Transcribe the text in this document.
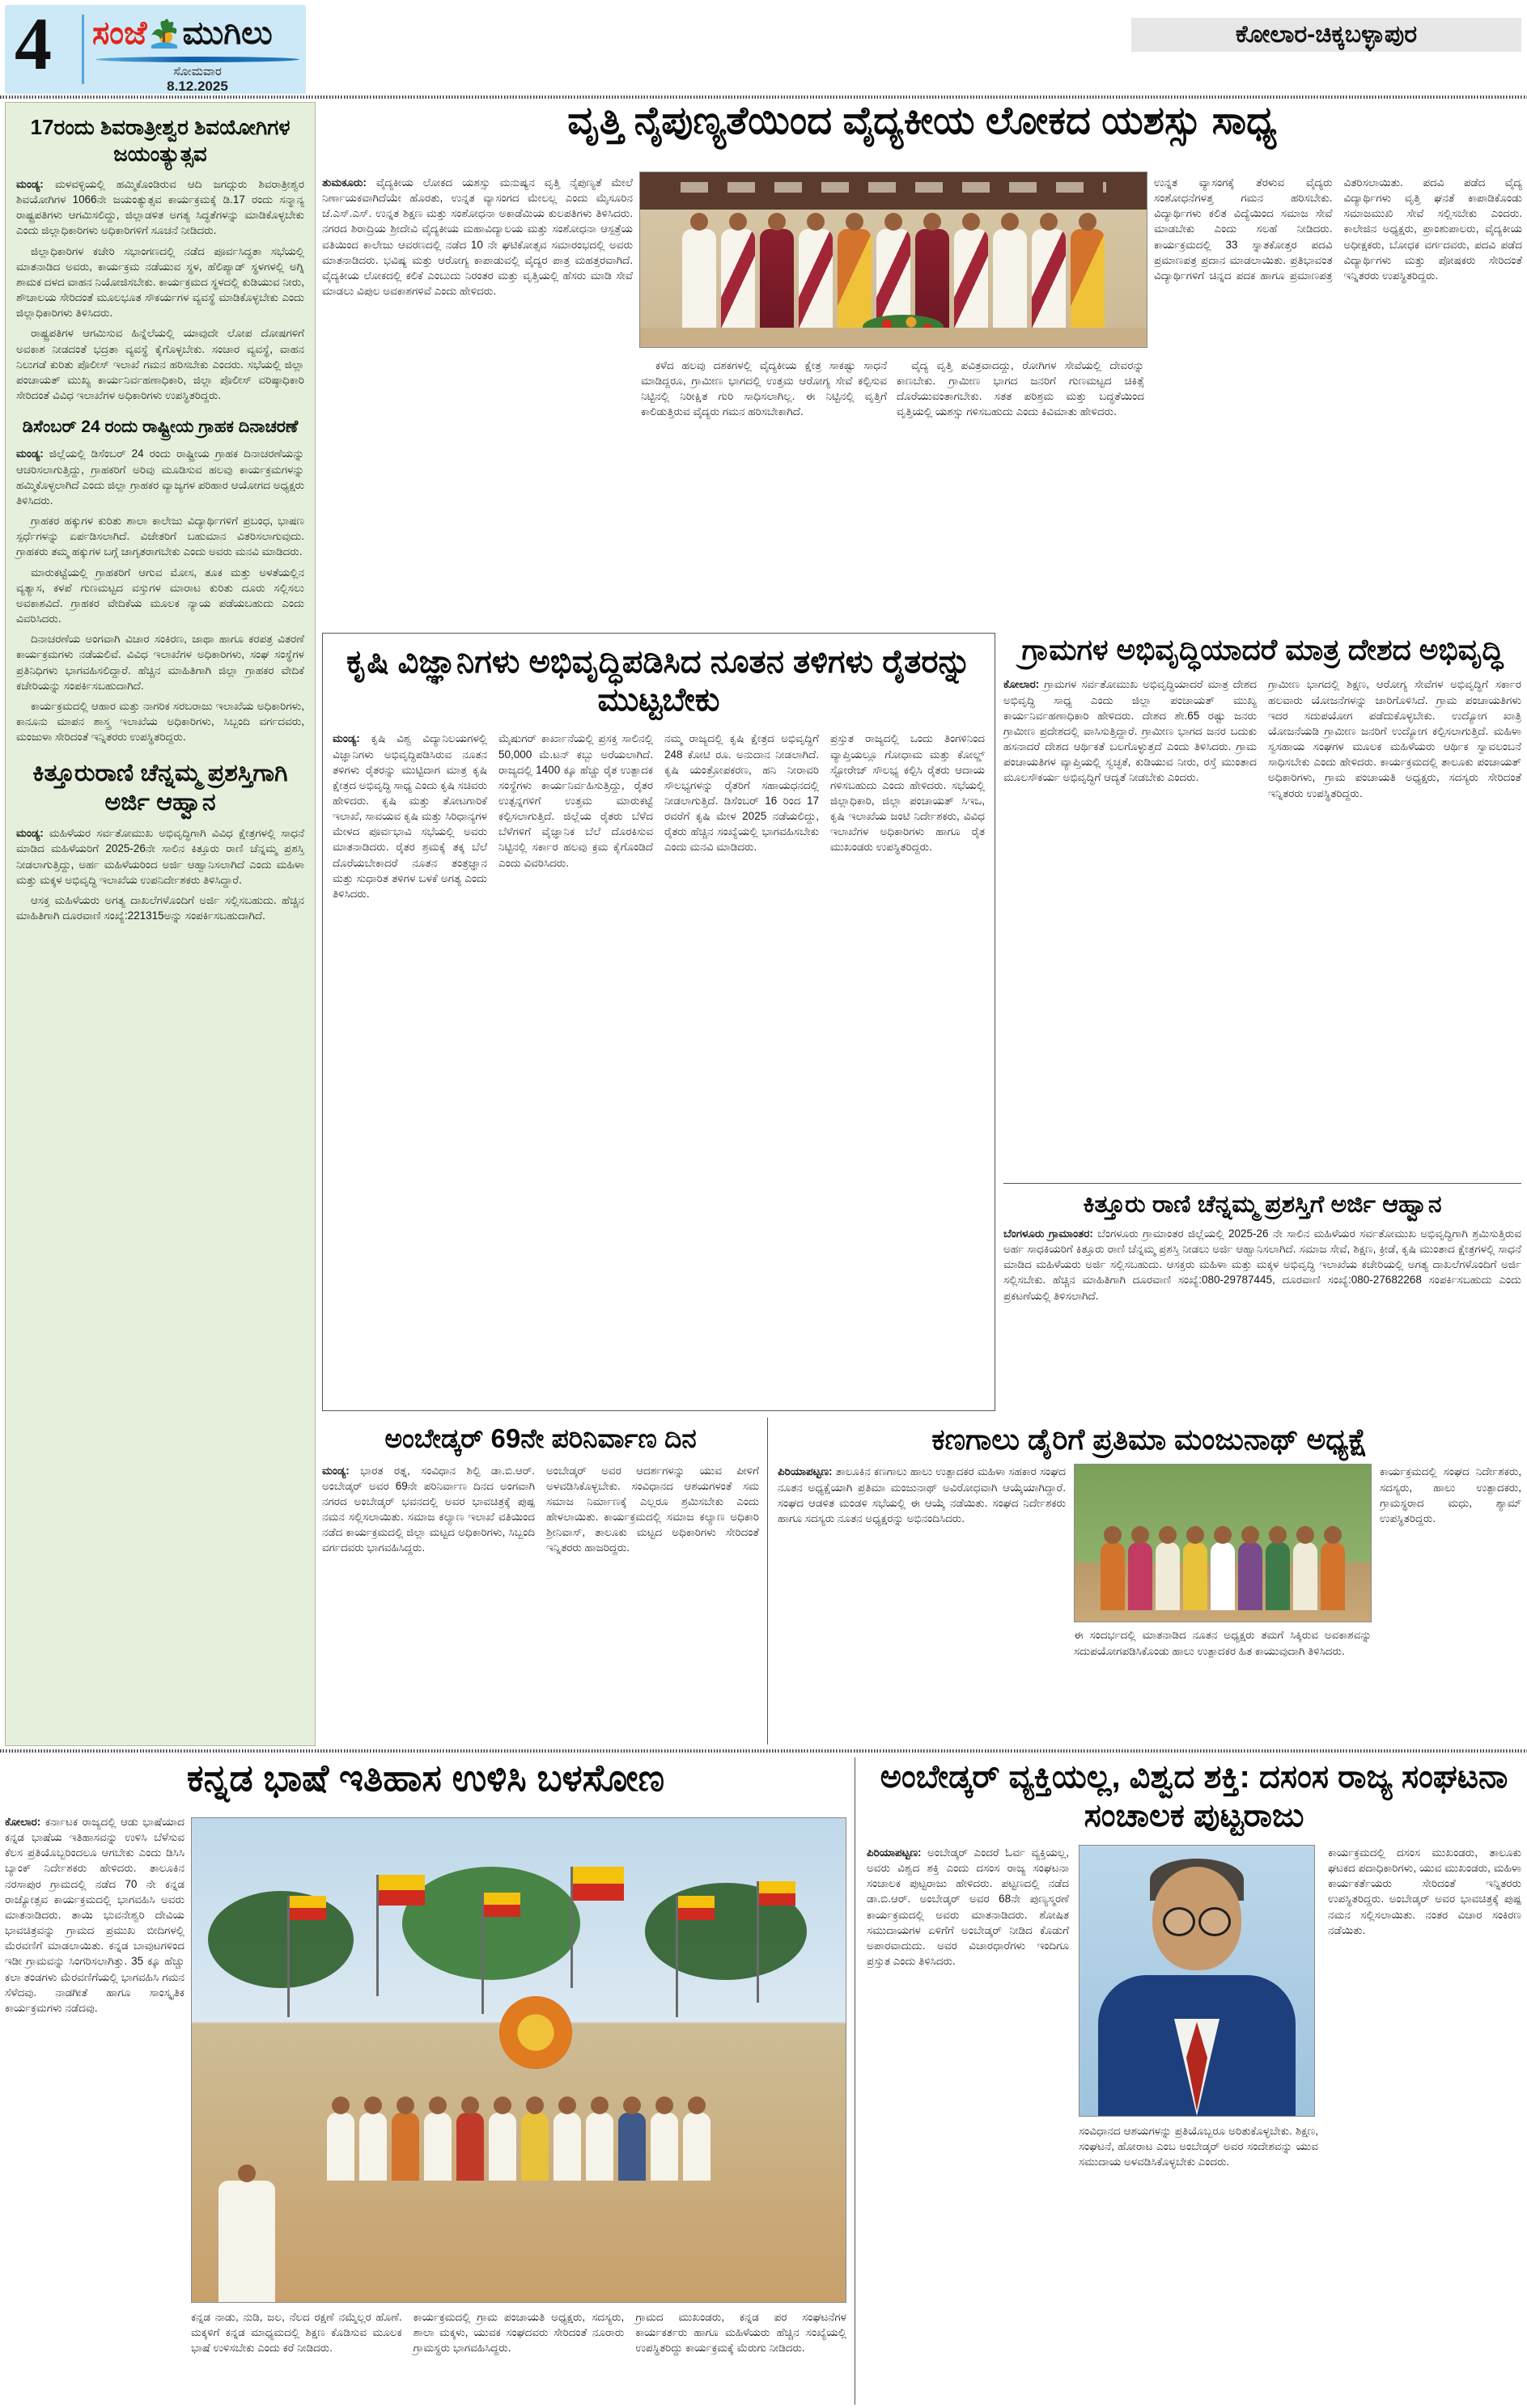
4 ಸಂಜೆ ಮುಗಿಲು
ಸೋಮವಾರ
8.12.2025
ಕೋಲಾರ-ಚಿಕ್ಕಬಳ್ಳಾಪುರ
17ರಂದು ಶಿವರಾತ್ರೀಶ್ವರ ಶಿವಯೋಗಿಗಳ ಜಯಂತ್ಯುತ್ಸವ

ಮಂಡ್ಯ: ಮಳವಳ್ಳಿಯಲ್ಲಿ ಹಮ್ಮಿಕೊಂಡಿರುವ ಆದಿ ಜಗದ್ಗುರು ಶಿವರಾತ್ರೀಶ್ವರ ಶಿವಯೋಗಿಗಳ 1066ನೇ ಜಯಂತ್ಯುತ್ಸವ ಕಾರ್ಯಕ್ರಮಕ್ಕೆ ಡಿ.17 ರಂದು ಸನ್ಮಾನ್ಯ ರಾಷ್ಟ್ರಪತಿಗಳು ಆಗಮಿಸಲಿದ್ದು, ಜಿಲ್ಲಾಡಳಿತ ಅಗತ್ಯ ಸಿದ್ಧತೆಗಳನ್ನು ಮಾಡಿಕೊಳ್ಳಬೇಕು ಎಂದು ಜಿಲ್ಲಾಧಿಕಾರಿಗಳು ಅಧಿಕಾರಿಗಳಿಗೆ ಸೂಚನೆ ನೀಡಿದರು.

ಜಿಲ್ಲಾಧಿಕಾರಿಗಳ ಕಚೇರಿ ಸಭಾಂಗಣದಲ್ಲಿ ನಡೆದ ಪೂರ್ವಸಿದ್ಧತಾ ಸಭೆಯಲ್ಲಿ ಮಾತನಾಡಿದ ಅವರು, ಕಾರ್ಯಕ್ರಮ ನಡೆಯುವ ಸ್ಥಳ, ಹೆಲಿಪ್ಯಾಡ್ ಸ್ಥಳಗಳಲ್ಲಿ ಅಗ್ನಿ ಶಾಮಕ ದಳದ ವಾಹನ ನಿಯೋಜಿಸಬೇಕು. ಕಾರ್ಯಕ್ರಮದ ಸ್ಥಳದಲ್ಲಿ ಕುಡಿಯುವ ನೀರು, ಶೌಚಾಲಯ ಸೇರಿದಂತೆ ಮೂಲಭೂತ ಸೌಕರ್ಯಗಳ ವ್ಯವಸ್ಥೆ ಮಾಡಿಕೊಳ್ಳಬೇಕು ಎಂದು ಜಿಲ್ಲಾಧಿಕಾರಿಗಳು ತಿಳಿಸಿದರು.

ರಾಷ್ಟ್ರಪತಿಗಳ ಆಗಮಿಸುವ ಹಿನ್ನೆಲೆಯಲ್ಲಿ ಯಾವುದೇ ಲೋಪ ದೋಷಗಳಿಗೆ ಅವಕಾಶ ನೀಡದಂತೆ ಭದ್ರತಾ ವ್ಯವಸ್ಥೆ ಕೈಗೊಳ್ಳಬೇಕು. ಸಂಚಾರ ವ್ಯವಸ್ಥೆ, ವಾಹನ ನಿಲುಗಡೆ ಕುರಿತು ಪೊಲೀಸ್ ಇಲಾಖೆ ಗಮನ ಹರಿಸಬೇಕು ಎಂದರು. ಸಭೆಯಲ್ಲಿ ಜಿಲ್ಲಾ ಪಂಚಾಯತ್ ಮುಖ್ಯ ಕಾರ್ಯನಿರ್ವಹಣಾಧಿಕಾರಿ, ಜಿಲ್ಲಾ ಪೊಲೀಸ್ ವರಿಷ್ಠಾಧಿಕಾರಿ ಸೇರಿದಂತೆ ವಿವಿಧ ಇಲಾಖೆಗಳ ಅಧಿಕಾರಿಗಳು ಉಪಸ್ಥಿತರಿದ್ದರು.

ಡಿಸೆಂಬರ್ 24 ರಂದು ರಾಷ್ಟ್ರೀಯ ಗ್ರಾಹಕ ದಿನಾಚರಣೆ

ಮಂಡ್ಯ: ಜಿಲ್ಲೆಯಲ್ಲಿ ಡಿಸೆಂಬರ್ 24 ರಂದು ರಾಷ್ಟ್ರೀಯ ಗ್ರಾಹಕ ದಿನಾಚರಣೆಯನ್ನು ಆಚರಿಸಲಾಗುತ್ತಿದ್ದು, ಗ್ರಾಹಕರಿಗೆ ಅರಿವು ಮೂಡಿಸುವ ಹಲವು ಕಾರ್ಯಕ್ರಮಗಳನ್ನು ಹಮ್ಮಿಕೊಳ್ಳಲಾಗಿದೆ ಎಂದು ಜಿಲ್ಲಾ ಗ್ರಾಹಕರ ವ್ಯಾಜ್ಯಗಳ ಪರಿಹಾರ ಆಯೋಗದ ಅಧ್ಯಕ್ಷರು ತಿಳಿಸಿದರು.

ಗ್ರಾಹಕರ ಹಕ್ಕುಗಳ ಕುರಿತು ಶಾಲಾ ಕಾಲೇಜು ವಿದ್ಯಾರ್ಥಿಗಳಿಗೆ ಪ್ರಬಂಧ, ಭಾಷಣ ಸ್ಪರ್ಧೆಗಳನ್ನು ಏರ್ಪಡಿಸಲಾಗಿದೆ. ವಿಜೇತರಿಗೆ ಬಹುಮಾನ ವಿತರಿಸಲಾಗುವುದು. ಗ್ರಾಹಕರು ತಮ್ಮ ಹಕ್ಕುಗಳ ಬಗ್ಗೆ ಜಾಗೃತರಾಗಬೇಕು ಎಂದು ಅವರು ಮನವಿ ಮಾಡಿದರು.

ಮಾರುಕಟ್ಟೆಯಲ್ಲಿ ಗ್ರಾಹಕರಿಗೆ ಆಗುವ ಮೋಸ, ತೂಕ ಮತ್ತು ಅಳತೆಯಲ್ಲಿನ ವ್ಯತ್ಯಾಸ, ಕಳಪೆ ಗುಣಮಟ್ಟದ ವಸ್ತುಗಳ ಮಾರಾಟ ಕುರಿತು ದೂರು ಸಲ್ಲಿಸಲು ಅವಕಾಶವಿದೆ. ಗ್ರಾಹಕರ ವೇದಿಕೆಯ ಮೂಲಕ ನ್ಯಾಯ ಪಡೆಯಬಹುದು ಎಂದು ವಿವರಿಸಿದರು.

ದಿನಾಚರಣೆಯ ಅಂಗವಾಗಿ ವಿಚಾರ ಸಂಕಿರಣ, ಜಾಥಾ ಹಾಗೂ ಕರಪತ್ರ ವಿತರಣೆ ಕಾರ್ಯಕ್ರಮಗಳು ನಡೆಯಲಿವೆ. ವಿವಿಧ ಇಲಾಖೆಗಳ ಅಧಿಕಾರಿಗಳು, ಸಂಘ ಸಂಸ್ಥೆಗಳ ಪ್ರತಿನಿಧಿಗಳು ಭಾಗವಹಿಸಲಿದ್ದಾರೆ. ಹೆಚ್ಚಿನ ಮಾಹಿತಿಗಾಗಿ ಜಿಲ್ಲಾ ಗ್ರಾಹಕರ ವೇದಿಕೆ ಕಚೇರಿಯನ್ನು ಸಂಪರ್ಕಿಸಬಹುದಾಗಿದೆ.

ಕಾರ್ಯಕ್ರಮದಲ್ಲಿ ಆಹಾರ ಮತ್ತು ನಾಗರಿಕ ಸರಬರಾಜು ಇಲಾಖೆಯ ಅಧಿಕಾರಿಗಳು, ಕಾನೂನು ಮಾಪನ ಶಾಸ್ತ್ರ ಇಲಾಖೆಯ ಅಧಿಕಾರಿಗಳು, ಸಿಬ್ಬಂದಿ ವರ್ಗದವರು, ಮಂಜುಳಾ ಸೇರಿದಂತೆ ಇನ್ನಿತರರು ಉಪಸ್ಥಿತರಿದ್ದರು.

ಕಿತ್ತೂರುರಾಣಿ ಚೆನ್ನಮ್ಮ ಪ್ರಶಸ್ತಿಗಾಗಿ ಅರ್ಜಿ ಆಹ್ವಾನ

ಮಂಡ್ಯ: ಮಹಿಳೆಯರ ಸರ್ವತೋಮುಖ ಅಭಿವೃದ್ಧಿಗಾಗಿ ವಿವಿಧ ಕ್ಷೇತ್ರಗಳಲ್ಲಿ ಸಾಧನೆ ಮಾಡಿದ ಮಹಿಳೆಯರಿಗೆ 2025-26ನೇ ಸಾಲಿನ ಕಿತ್ತೂರು ರಾಣಿ ಚೆನ್ನಮ್ಮ ಪ್ರಶಸ್ತಿ ನೀಡಲಾಗುತ್ತಿದ್ದು, ಅರ್ಹ ಮಹಿಳೆಯರಿಂದ ಅರ್ಜಿ ಆಹ್ವಾನಿಸಲಾಗಿದೆ ಎಂದು ಮಹಿಳಾ ಮತ್ತು ಮಕ್ಕಳ ಅಭಿವೃದ್ಧಿ ಇಲಾಖೆಯ ಉಪನಿರ್ದೇಶಕರು ತಿಳಿಸಿದ್ದಾರೆ.

ಆಸಕ್ತ ಮಹಿಳೆಯರು ಅಗತ್ಯ ದಾಖಲೆಗಳೊಂದಿಗೆ ಅರ್ಜಿ ಸಲ್ಲಿಸಬಹುದು. ಹೆಚ್ಚಿನ ಮಾಹಿತಿಗಾಗಿ ದೂರವಾಣಿ ಸಂಖ್ಯೆ:221315ಅನ್ನು ಸಂಪರ್ಕಿಸಬಹುದಾಗಿದೆ.

ವೃತ್ತಿ ನೈಪುಣ್ಯತೆಯಿಂದ ವೈದ್ಯಕೀಯ ಲೋಕದ ಯಶಸ್ಸು ಸಾಧ್ಯ

ತುಮಕೂರು: ವೈದ್ಯಕೀಯ ಲೋಕದ ಯಶಸ್ಸು ಮನುಷ್ಯನ ವೃತ್ತಿ ನೈಪುಣ್ಯತೆ ಮೇಲೆ ನಿರ್ಣಾಯಕವಾಗಿದೆಯೇ ಹೊರತು, ಉನ್ನತ ವ್ಯಾಸಂಗದ ಮೇಲಲ್ಲ ಎಂದು ಮೈಸೂರಿನ ಜೆ.ಎಸ್.ಎಸ್. ಉನ್ನತ ಶಿಕ್ಷಣ ಮತ್ತು ಸಂಶೋಧನಾ ಅಕಾಡೆಮಿಯ ಕುಲಪತಿಗಳು ತಿಳಿಸಿದರು. ನಗರದ ಶಿರಾದ್ರಿಯ ಶ್ರೀದೇವಿ ವೈದ್ಯಕೀಯ ಮಹಾವಿದ್ಯಾಲಯ ಮತ್ತು ಸಂಶೋಧನಾ ಆಸ್ಪತ್ರೆಯ ವತಿಯಿಂದ ಕಾಲೇಜು ಆವರಣದಲ್ಲಿ ನಡೆದ 10 ನೇ ಘಟಿಕೋತ್ಸವ ಸಮಾರಂಭದಲ್ಲಿ ಅವರು ಮಾತನಾಡಿದರು. ಭವಿಷ್ಯ ಮತ್ತು ಆರೋಗ್ಯ ಕಾಪಾಡುವಲ್ಲಿ ವೈದ್ಯರ ಪಾತ್ರ ಮಹತ್ತರವಾಗಿದೆ. ವೈದ್ಯಕೀಯ ಲೋಕದಲ್ಲಿ ಕಲಿಕೆ ಎಂಬುದು ನಿರಂತರ ಮತ್ತು ವೃತ್ತಿಯಲ್ಲಿ ಹೆಸರು ಮಾಡಿ ಸೇವೆ ಮಾಡಲು ವಿಪುಲ ಅವಕಾಶಗಳಿವೆ ಎಂದು ಹೇಳಿದರು.

ಕಳೆದ ಹಲವು ದಶಕಗಳಲ್ಲಿ ವೈದ್ಯಕೀಯ ಕ್ಷೇತ್ರ ಸಾಕಷ್ಟು ಸಾಧನೆ ಮಾಡಿದ್ದರೂ, ಗ್ರಾಮೀಣ ಭಾಗದಲ್ಲಿ ಉತ್ತಮ ಆರೋಗ್ಯ ಸೇವೆ ಕಲ್ಪಿಸುವ ನಿಟ್ಟಿನಲ್ಲಿ ನಿರೀಕ್ಷಿತ ಗುರಿ ಸಾಧಿಸಲಾಗಿಲ್ಲ. ಈ ನಿಟ್ಟಿನಲ್ಲಿ ವೃತ್ತಿಗೆ ಕಾಲಿಡುತ್ತಿರುವ ವೈದ್ಯರು ಗಮನ ಹರಿಸಬೇಕಾಗಿದೆ.

ವೈದ್ಯ ವೃತ್ತಿ ಪವಿತ್ರವಾದದ್ದು, ರೋಗಿಗಳ ಸೇವೆಯಲ್ಲಿ ದೇವರನ್ನು ಕಾಣಬೇಕು. ಗ್ರಾಮೀಣ ಭಾಗದ ಜನರಿಗೆ ಗುಣಮಟ್ಟದ ಚಿಕಿತ್ಸೆ ದೊರೆಯುವಂತಾಗಬೇಕು. ಸತತ ಪರಿಶ್ರಮ ಮತ್ತು ಬದ್ಧತೆಯಿಂದ ವೃತ್ತಿಯಲ್ಲಿ ಯಶಸ್ಸು ಗಳಿಸಬಹುದು ಎಂದು ಕಿವಿಮಾತು ಹೇಳಿದರು.

ಉನ್ನತ ವ್ಯಾಸಂಗಕ್ಕೆ ತೆರಳುವ ವೈದ್ಯರು ಸಂಶೋಧನೆಗಳತ್ತ ಗಮನ ಹರಿಸಬೇಕು. ವಿದ್ಯಾರ್ಥಿಗಳು ಕಲಿತ ವಿದ್ಯೆಯಿಂದ ಸಮಾಜ ಸೇವೆ ಮಾಡಬೇಕು ಎಂದು ಸಲಹೆ ನೀಡಿದರು. ಕಾರ್ಯಕ್ರಮದಲ್ಲಿ 33 ಸ್ನಾತಕೋತ್ತರ ಪದವಿ ಪ್ರಮಾಣಪತ್ರ ಪ್ರದಾನ ಮಾಡಲಾಯಿತು. ಪ್ರತಿಭಾವಂತ ವಿದ್ಯಾರ್ಥಿಗಳಿಗೆ ಚಿನ್ನದ ಪದಕ ಹಾಗೂ ಪ್ರಮಾಣಪತ್ರ ವಿತರಿಸಲಾಯಿತು. ಪದವಿ ಪಡೆದ ವೈದ್ಯ ವಿದ್ಯಾರ್ಥಿಗಳು ವೃತ್ತಿ ಘನತೆ ಕಾಪಾಡಿಕೊಂಡು ಸಮಾಜಮುಖಿ ಸೇವೆ ಸಲ್ಲಿಸಬೇಕು ಎಂದರು. ಕಾಲೇಜಿನ ಅಧ್ಯಕ್ಷರು, ಪ್ರಾಂಶುಪಾಲರು, ವೈದ್ಯಕೀಯ ಅಧೀಕ್ಷಕರು, ಬೋಧಕ ವರ್ಗದವರು, ಪದವಿ ಪಡೆದ ವಿದ್ಯಾರ್ಥಿಗಳು ಮತ್ತು ಪೋಷಕರು ಸೇರಿದಂತೆ ಇನ್ನಿತರರು ಉಪಸ್ಥಿತರಿದ್ದರು.

ಕೃಷಿ ವಿಜ್ಞಾನಿಗಳು ಅಭಿವೃದ್ಧಿಪಡಿಸಿದ ನೂತನ ತಳಿಗಳು ರೈತರನ್ನು ಮುಟ್ಟಬೇಕು

ಮಂಡ್ಯ: ಕೃಷಿ ವಿಶ್ವ ವಿದ್ಯಾನಿಲಯಗಳಲ್ಲಿ ವಿಜ್ಞಾನಿಗಳು ಅಭಿವೃದ್ಧಿಪಡಿಸಿರುವ ನೂತನ ತಳಿಗಳು ರೈತರನ್ನು ಮುಟ್ಟಿದಾಗ ಮಾತ್ರ ಕೃಷಿ ಕ್ಷೇತ್ರದ ಅಭಿವೃದ್ಧಿ ಸಾಧ್ಯ ಎಂದು ಕೃಷಿ ಸಚಿವರು ಹೇಳಿದರು. ಕೃಷಿ ಮತ್ತು ತೋಟಗಾರಿಕೆ ಇಲಾಖೆ, ಸಾವಯವ ಕೃಷಿ ಮತ್ತು ಸಿರಿಧಾನ್ಯಗಳ ಮೇಳದ ಪೂರ್ವಭಾವಿ ಸಭೆಯಲ್ಲಿ ಅವರು ಮಾತನಾಡಿದರು. ರೈತರ ಶ್ರಮಕ್ಕೆ ತಕ್ಕ ಬೆಲೆ ದೊರೆಯಬೇಕಾದರೆ ನೂತನ ತಂತ್ರಜ್ಞಾನ ಮತ್ತು ಸುಧಾರಿತ ತಳಿಗಳ ಬಳಕೆ ಅಗತ್ಯ ಎಂದು ತಿಳಿಸಿದರು.

ಮೈಷುಗರ್ ಕಾರ್ಖಾನೆಯಲ್ಲಿ ಪ್ರಸಕ್ತ ಸಾಲಿನಲ್ಲಿ 50,000 ಮೆ.ಟನ್ ಕಬ್ಬು ಅರೆಯಲಾಗಿದೆ. ರಾಜ್ಯದಲ್ಲಿ 1400 ಕ್ಕೂ ಹೆಚ್ಚು ರೈತ ಉತ್ಪಾದಕ ಸಂಸ್ಥೆಗಳು ಕಾರ್ಯನಿರ್ವಹಿಸುತ್ತಿದ್ದು, ರೈತರ ಉತ್ಪನ್ನಗಳಿಗೆ ಉತ್ತಮ ಮಾರುಕಟ್ಟೆ ಕಲ್ಪಿಸಲಾಗುತ್ತಿದೆ. ಜಿಲ್ಲೆಯ ರೈತರು ಬೆಳೆದ ಬೆಳೆಗಳಿಗೆ ವೈಜ್ಞಾನಿಕ ಬೆಲೆ ದೊರಕಿಸುವ ನಿಟ್ಟಿನಲ್ಲಿ ಸರ್ಕಾರ ಹಲವು ಕ್ರಮ ಕೈಗೊಂಡಿದೆ ಎಂದು ವಿವರಿಸಿದರು.

ನಮ್ಮ ರಾಜ್ಯದಲ್ಲಿ ಕೃಷಿ ಕ್ಷೇತ್ರದ ಅಭಿವೃದ್ಧಿಗೆ 248 ಕೋಟಿ ರೂ. ಅನುದಾನ ನೀಡಲಾಗಿದೆ. ಕೃಷಿ ಯಂತ್ರೋಪಕರಣ, ಹನಿ ನೀರಾವರಿ ಸೌಲಭ್ಯಗಳನ್ನು ರೈತರಿಗೆ ಸಹಾಯಧನದಲ್ಲಿ ನೀಡಲಾಗುತ್ತಿದೆ. ಡಿಸೆಂಬರ್ 16 ರಿಂದ 17 ರವರೆಗೆ ಕೃಷಿ ಮೇಳ 2025 ನಡೆಯಲಿದ್ದು, ರೈತರು ಹೆಚ್ಚಿನ ಸಂಖ್ಯೆಯಲ್ಲಿ ಭಾಗವಹಿಸಬೇಕು ಎಂದು ಮನವಿ ಮಾಡಿದರು.

ಪ್ರಸ್ತುತ ರಾಜ್ಯದಲ್ಲಿ ಒಂದು ತಿಂಗಳಿನಿಂದ ವ್ಯಾಪ್ತಿಯಲ್ಲೂ ಗೋಧಾಮ ಮತ್ತು ಕೋಲ್ಡ್ ಸ್ಟೋರೇಜ್ ಸೌಲಭ್ಯ ಕಲ್ಪಿಸಿ ರೈತರು ಆದಾಯ ಗಳಿಸಬಹುದು ಎಂದು ಹೇಳಿದರು. ಸಭೆಯಲ್ಲಿ ಜಿಲ್ಲಾಧಿಕಾರಿ, ಜಿಲ್ಲಾ ಪಂಚಾಯತ್ ಸಿಇಒ, ಕೃಷಿ ಇಲಾಖೆಯ ಜಂಟಿ ನಿರ್ದೇಶಕರು, ವಿವಿಧ ಇಲಾಖೆಗಳ ಅಧಿಕಾರಿಗಳು ಹಾಗೂ ರೈತ ಮುಖಂಡರು ಉಪಸ್ಥಿತರಿದ್ದರು.

ಗ್ರಾಮಗಳ ಅಭಿವೃದ್ಧಿಯಾದರೆ ಮಾತ್ರ ದೇಶದ ಅಭಿವೃದ್ಧಿ

ಕೋಲಾರ: ಗ್ರಾಮಗಳ ಸರ್ವತೋಮುಖ ಅಭಿವೃದ್ಧಿಯಾದರೆ ಮಾತ್ರ ದೇಶದ ಅಭಿವೃದ್ಧಿ ಸಾಧ್ಯ ಎಂದು ಜಿಲ್ಲಾ ಪಂಚಾಯತ್ ಮುಖ್ಯ ಕಾರ್ಯನಿರ್ವಹಣಾಧಿಕಾರಿ ಹೇಳಿದರು. ದೇಶದ ಶೇ.65 ರಷ್ಟು ಜನರು ಗ್ರಾಮೀಣ ಪ್ರದೇಶದಲ್ಲಿ ವಾಸಿಸುತ್ತಿದ್ದಾರೆ. ಗ್ರಾಮೀಣ ಭಾಗದ ಜನರ ಬದುಕು ಹಸನಾದರೆ ದೇಶದ ಆರ್ಥಿಕತೆ ಬಲಗೊಳ್ಳುತ್ತದೆ ಎಂದು ತಿಳಿಸಿದರು. ಗ್ರಾಮ ಪಂಚಾಯತಿಗಳ ವ್ಯಾಪ್ತಿಯಲ್ಲಿ ಸ್ವಚ್ಛತೆ, ಕುಡಿಯುವ ನೀರು, ರಸ್ತೆ ಮುಂತಾದ ಮೂಲಸೌಕರ್ಯ ಅಭಿವೃದ್ಧಿಗೆ ಆದ್ಯತೆ ನೀಡಬೇಕು ಎಂದರು.

ಗ್ರಾಮೀಣ ಭಾಗದಲ್ಲಿ ಶಿಕ್ಷಣ, ಆರೋಗ್ಯ ಸೇವೆಗಳ ಅಭಿವೃದ್ಧಿಗೆ ಸರ್ಕಾರ ಹಲವಾರು ಯೋಜನೆಗಳನ್ನು ಜಾರಿಗೊಳಿಸಿದೆ. ಗ್ರಾಮ ಪಂಚಾಯತಿಗಳು ಇದರ ಸದುಪಯೋಗ ಪಡೆದುಕೊಳ್ಳಬೇಕು. ಉದ್ಯೋಗ ಖಾತ್ರಿ ಯೋಜನೆಯಡಿ ಗ್ರಾಮೀಣ ಜನರಿಗೆ ಉದ್ಯೋಗ ಕಲ್ಪಿಸಲಾಗುತ್ತಿದೆ. ಮಹಿಳಾ ಸ್ವಸಹಾಯ ಸಂಘಗಳ ಮೂಲಕ ಮಹಿಳೆಯರು ಆರ್ಥಿಕ ಸ್ವಾವಲಂಬನೆ ಸಾಧಿಸಬೇಕು ಎಂದು ಹೇಳಿದರು. ಕಾರ್ಯಕ್ರಮದಲ್ಲಿ ತಾಲೂಕು ಪಂಚಾಯತ್ ಅಧಿಕಾರಿಗಳು, ಗ್ರಾಮ ಪಂಚಾಯತಿ ಅಧ್ಯಕ್ಷರು, ಸದಸ್ಯರು ಸೇರಿದಂತೆ ಇನ್ನಿತರರು ಉಪಸ್ಥಿತರಿದ್ದರು.

ಕಿತ್ತೂರು ರಾಣಿ ಚೆನ್ನಮ್ಮ ಪ್ರಶಸ್ತಿಗೆ ಅರ್ಜಿ ಆಹ್ವಾನ

ಬೆಂಗಳೂರು ಗ್ರಾಮಾಂತರ: ಬೆಂಗಳೂರು ಗ್ರಾಮಾಂತರ ಜಿಲ್ಲೆಯಲ್ಲಿ 2025-26 ನೇ ಸಾಲಿನ ಮಹಿಳೆಯರ ಸರ್ವತೋಮುಖ ಅಭಿವೃದ್ಧಿಗಾಗಿ ಶ್ರಮಿಸುತ್ತಿರುವ ಅರ್ಹ ಸಾಧಕಿಯರಿಗೆ ಕಿತ್ತೂರು ರಾಣಿ ಚೆನ್ನಮ್ಮ ಪ್ರಶಸ್ತಿ ನೀಡಲು ಅರ್ಜಿ ಆಹ್ವಾನಿಸಲಾಗಿದೆ. ಸಮಾಜ ಸೇವೆ, ಶಿಕ್ಷಣ, ಕ್ರೀಡೆ, ಕೃಷಿ ಮುಂತಾದ ಕ್ಷೇತ್ರಗಳಲ್ಲಿ ಸಾಧನೆ ಮಾಡಿದ ಮಹಿಳೆಯರು ಅರ್ಜಿ ಸಲ್ಲಿಸಬಹುದು. ಆಸಕ್ತರು ಮಹಿಳಾ ಮತ್ತು ಮಕ್ಕಳ ಅಭಿವೃದ್ಧಿ ಇಲಾಖೆಯ ಕಚೇರಿಯಲ್ಲಿ ಅಗತ್ಯ ದಾಖಲೆಗಳೊಂದಿಗೆ ಅರ್ಜಿ ಸಲ್ಲಿಸಬೇಕು. ಹೆಚ್ಚಿನ ಮಾಹಿತಿಗಾಗಿ ದೂರವಾಣಿ ಸಂಖ್ಯೆ:080-29787445, ದೂರವಾಣಿ ಸಂಖ್ಯೆ:080-27682268 ಸಂಪರ್ಕಿಸಬಹುದು ಎಂದು ಪ್ರಕಟಣೆಯಲ್ಲಿ ತಿಳಿಸಲಾಗಿದೆ.

ಅಂಬೇಡ್ಕರ್ 69ನೇ ಪರಿನಿರ್ವಾಣ ದಿನ

ಮಂಡ್ಯ: ಭಾರತ ರತ್ನ, ಸಂವಿಧಾನ ಶಿಲ್ಪಿ ಡಾ.ಬಿ.ಆರ್. ಅಂಬೇಡ್ಕರ್ ಅವರ 69ನೇ ಪರಿನಿರ್ವಾಣ ದಿನದ ಅಂಗವಾಗಿ ನಗರದ ಅಂಬೇಡ್ಕರ್ ಭವನದಲ್ಲಿ ಅವರ ಭಾವಚಿತ್ರಕ್ಕೆ ಪುಷ್ಪ ನಮನ ಸಲ್ಲಿಸಲಾಯಿತು. ಸಮಾಜ ಕಲ್ಯಾಣ ಇಲಾಖೆ ವತಿಯಿಂದ ನಡೆದ ಕಾರ್ಯಕ್ರಮದಲ್ಲಿ ಜಿಲ್ಲಾ ಮಟ್ಟದ ಅಧಿಕಾರಿಗಳು, ಸಿಬ್ಬಂದಿ ವರ್ಗದವರು ಭಾಗವಹಿಸಿದ್ದರು.

ಅಂಬೇಡ್ಕರ್ ಅವರ ಆದರ್ಶಗಳನ್ನು ಯುವ ಪೀಳಿಗೆ ಅಳವಡಿಸಿಕೊಳ್ಳಬೇಕು. ಸಂವಿಧಾನದ ಆಶಯಗಳಂತೆ ಸಮ ಸಮಾಜ ನಿರ್ಮಾಣಕ್ಕೆ ಎಲ್ಲರೂ ಶ್ರಮಿಸಬೇಕು ಎಂದು ಹೇಳಲಾಯಿತು. ಕಾರ್ಯಕ್ರಮದಲ್ಲಿ ಸಮಾಜ ಕಲ್ಯಾಣ ಅಧಿಕಾರಿ ಶ್ರೀನಿವಾಸ್, ತಾಲೂಕು ಮಟ್ಟದ ಅಧಿಕಾರಿಗಳು ಸೇರಿದಂತೆ ಇನ್ನಿತರರು ಹಾಜರಿದ್ದರು.

ಕಣಗಾಲು ಡೈರಿಗೆ ಪ್ರತಿಮಾ ಮಂಜುನಾಥ್ ಅಧ್ಯಕ್ಷೆ

ಪಿರಿಯಾಪಟ್ಟಣ: ತಾಲೂಕಿನ ಕಣಗಾಲು ಹಾಲು ಉತ್ಪಾದಕರ ಮಹಿಳಾ ಸಹಕಾರ ಸಂಘದ ನೂತನ ಅಧ್ಯಕ್ಷೆಯಾಗಿ ಪ್ರತಿಮಾ ಮಂಜುನಾಥ್ ಅವಿರೋಧವಾಗಿ ಆಯ್ಕೆಯಾಗಿದ್ದಾರೆ. ಸಂಘದ ಆಡಳಿತ ಮಂಡಳಿ ಸಭೆಯಲ್ಲಿ ಈ ಆಯ್ಕೆ ನಡೆಯಿತು. ಸಂಘದ ನಿರ್ದೇಶಕರು ಹಾಗೂ ಸದಸ್ಯರು ನೂತನ ಅಧ್ಯಕ್ಷರನ್ನು ಅಭಿನಂದಿಸಿದರು.

ಈ ಸಂದರ್ಭದಲ್ಲಿ ಮಾತನಾಡಿದ ನೂತನ ಅಧ್ಯಕ್ಷರು ತಮಗೆ ಸಿಕ್ಕಿರುವ ಅವಕಾಶವನ್ನು ಸದುಪಯೋಗಪಡಿಸಿಕೊಂಡು ಹಾಲು ಉತ್ಪಾದಕರ ಹಿತ ಕಾಯುವುದಾಗಿ ತಿಳಿಸಿದರು.

ಕಾರ್ಯಕ್ರಮದಲ್ಲಿ ಸಂಘದ ನಿರ್ದೇಶಕರು, ಸದಸ್ಯರು, ಹಾಲು ಉತ್ಪಾದಕರು, ಗ್ರಾಮಸ್ಥರಾದ ಮಧು, ಶ್ಯಾಮ್ ಉಪಸ್ಥಿತರಿದ್ದರು.

ಕನ್ನಡ ಭಾಷೆ ಇತಿಹಾಸ ಉಳಿಸಿ ಬಳಸೋಣ

ಕೋಲಾರ: ಕರ್ನಾಟಕ ರಾಜ್ಯದಲ್ಲಿ ಆಡು ಭಾಷೆಯಾದ ಕನ್ನಡ ಭಾಷೆಯ ಇತಿಹಾಸವನ್ನು ಉಳಿಸಿ ಬೆಳೆಸುವ ಕೆಲಸ ಪ್ರತಿಯೊಬ್ಬರಿಂದಲೂ ಆಗಬೇಕು ಎಂದು ಡಿಸಿಸಿ ಬ್ಯಾಂಕ್ ನಿರ್ದೇಶಕರು ಹೇಳಿದರು. ತಾಲೂಕಿನ ನರಸಾಪುರ ಗ್ರಾಮದಲ್ಲಿ ನಡೆದ 70 ನೇ ಕನ್ನಡ ರಾಜ್ಯೋತ್ಸವ ಕಾರ್ಯಕ್ರಮದಲ್ಲಿ ಭಾಗವಹಿಸಿ ಅವರು ಮಾತನಾಡಿದರು. ತಾಯಿ ಭುವನೇಶ್ವರಿ ದೇವಿಯ ಭಾವಚಿತ್ರವನ್ನು ಗ್ರಾಮದ ಪ್ರಮುಖ ಬೀದಿಗಳಲ್ಲಿ ಮೆರವಣಿಗೆ ಮಾಡಲಾಯಿತು. ಕನ್ನಡ ಬಾವುಟಗಳಿಂದ ಇಡೀ ಗ್ರಾಮವನ್ನು ಸಿಂಗರಿಸಲಾಗಿತ್ತು. 35 ಕ್ಕೂ ಹೆಚ್ಚು ಕಲಾ ತಂಡಗಳು ಮೆರವಣಿಗೆಯಲ್ಲಿ ಭಾಗವಹಿಸಿ ಗಮನ ಸೆಳೆದವು. ನಾಡಗೀತೆ ಹಾಗೂ ಸಾಂಸ್ಕೃತಿಕ ಕಾರ್ಯಕ್ರಮಗಳು ನಡೆದವು.

ಕನ್ನಡ ನಾಡು, ನುಡಿ, ಜಲ, ನೆಲದ ರಕ್ಷಣೆ ನಮ್ಮೆಲ್ಲರ ಹೊಣೆ. ಮಕ್ಕಳಿಗೆ ಕನ್ನಡ ಮಾಧ್ಯಮದಲ್ಲಿ ಶಿಕ್ಷಣ ಕೊಡಿಸುವ ಮೂಲಕ ಭಾಷೆ ಉಳಿಸಬೇಕು ಎಂದು ಕರೆ ನೀಡಿದರು.

ಕಾರ್ಯಕ್ರಮದಲ್ಲಿ ಗ್ರಾಮ ಪಂಚಾಯತಿ ಅಧ್ಯಕ್ಷರು, ಸದಸ್ಯರು, ಶಾಲಾ ಮಕ್ಕಳು, ಯುವಕ ಸಂಘದವರು ಸೇರಿದಂತೆ ನೂರಾರು ಗ್ರಾಮಸ್ಥರು ಭಾಗವಹಿಸಿದ್ದರು.

ಗ್ರಾಮದ ಮುಖಂಡರು, ಕನ್ನಡ ಪರ ಸಂಘಟನೆಗಳ ಕಾರ್ಯಕರ್ತರು ಹಾಗೂ ಮಹಿಳೆಯರು ಹೆಚ್ಚಿನ ಸಂಖ್ಯೆಯಲ್ಲಿ ಉಪಸ್ಥಿತರಿದ್ದು ಕಾರ್ಯಕ್ರಮಕ್ಕೆ ಮೆರುಗು ನೀಡಿದರು.

ಅಂಬೇಡ್ಕರ್ ವ್ಯಕ್ತಿಯಲ್ಲ, ವಿಶ್ವದ ಶಕ್ತಿ: ದಸಂಸ ರಾಜ್ಯ ಸಂಘಟನಾ ಸಂಚಾಲಕ ಪುಟ್ಟರಾಜು

ಪಿರಿಯಾಪಟ್ಟಣ: ಅಂಬೇಡ್ಕರ್ ಎಂದರೆ ಓರ್ವ ವ್ಯಕ್ತಿಯಲ್ಲ, ಅವರು ವಿಶ್ವದ ಶಕ್ತಿ ಎಂದು ದಸಂಸ ರಾಜ್ಯ ಸಂಘಟನಾ ಸಂಚಾಲಕ ಪುಟ್ಟರಾಜು ಹೇಳಿದರು. ಪಟ್ಟಣದಲ್ಲಿ ನಡೆದ ಡಾ.ಬಿ.ಆರ್. ಅಂಬೇಡ್ಕರ್ ಅವರ 68ನೇ ಪುಣ್ಯಸ್ಮರಣೆ ಕಾರ್ಯಕ್ರಮದಲ್ಲಿ ಅವರು ಮಾತನಾಡಿದರು. ಶೋಷಿತ ಸಮುದಾಯಗಳ ಏಳಿಗೆಗೆ ಅಂಬೇಡ್ಕರ್ ನೀಡಿದ ಕೊಡುಗೆ ಅಪಾರವಾದುದು. ಅವರ ವಿಚಾರಧಾರೆಗಳು ಇಂದಿಗೂ ಪ್ರಸ್ತುತ ಎಂದು ತಿಳಿಸಿದರು.

ಸಂವಿಧಾನದ ಆಶಯಗಳನ್ನು ಪ್ರತಿಯೊಬ್ಬರೂ ಅರಿತುಕೊಳ್ಳಬೇಕು. ಶಿಕ್ಷಣ, ಸಂಘಟನೆ, ಹೋರಾಟ ಎಂಬ ಅಂಬೇಡ್ಕರ್ ಅವರ ಸಂದೇಶವನ್ನು ಯುವ ಸಮುದಾಯ ಅಳವಡಿಸಿಕೊಳ್ಳಬೇಕು ಎಂದರು.

ಕಾರ್ಯಕ್ರಮದಲ್ಲಿ ದಸಂಸ ಮುಖಂಡರು, ತಾಲೂಕು ಘಟಕದ ಪದಾಧಿಕಾರಿಗಳು, ಯುವ ಮುಖಂಡರು, ಮಹಿಳಾ ಕಾರ್ಯಕರ್ತೆಯರು ಸೇರಿದಂತೆ ಇನ್ನಿತರರು ಉಪಸ್ಥಿತರಿದ್ದರು. ಅಂಬೇಡ್ಕರ್ ಅವರ ಭಾವಚಿತ್ರಕ್ಕೆ ಪುಷ್ಪ ನಮನ ಸಲ್ಲಿಸಲಾಯಿತು. ನಂತರ ವಿಚಾರ ಸಂಕಿರಣ ನಡೆಯಿತು.
